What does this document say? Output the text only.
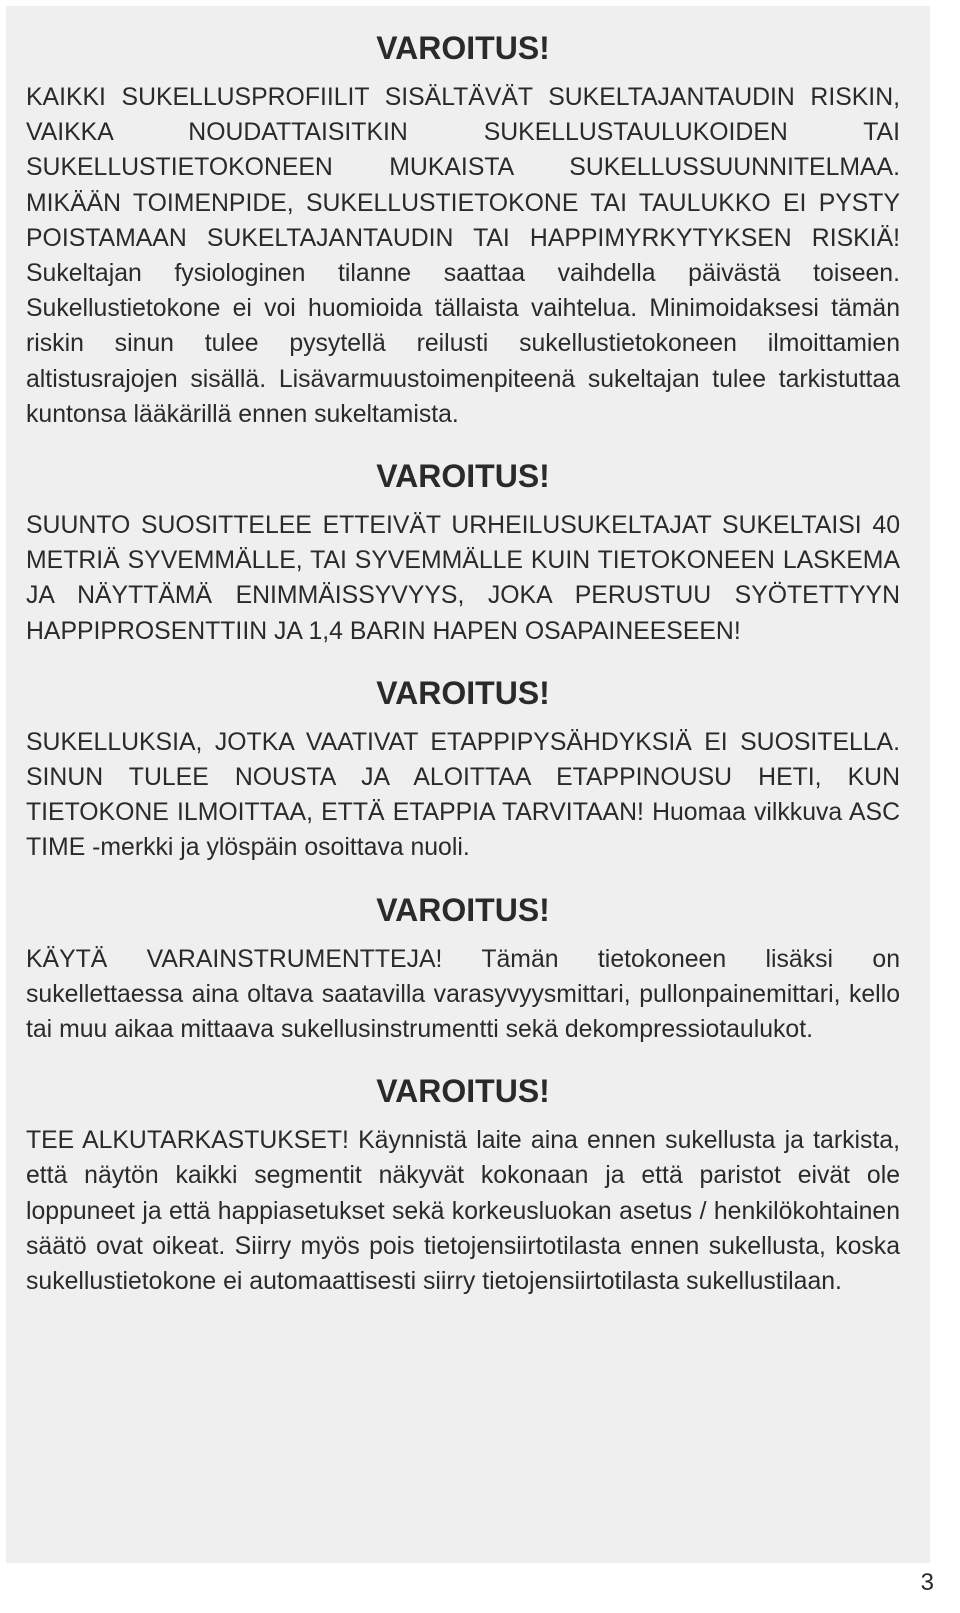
VAROITUS!

KAIKKI SUKELLUSPROFIILIT SISÄLTÄVÄT SUKELTAJANTAUDIN RISKIN, VAIKKA NOUDATTAISITKIN SUKELLUSTAULUKOIDEN TAI SUKELLUSTIETOKONEEN MUKAISTA SUKELLUSSUUNNITELMAA. MIKÄÄN TOIMENPIDE, SUKELLUSTIETOKONE TAI TAULUKKO EI PYSTY POISTAMAAN SUKELTAJANTAUDIN TAI HAPPIMYRKYTYKSEN RISKIÄ! Sukeltajan fysiologinen tilanne saattaa vaihdella päivästä toiseen. Sukellustietokone ei voi huomioida tällaista vaihtelua. Minimoidaksesi tämän riskin sinun tulee pysytellä reilusti sukellustietokoneen ilmoittamien altistusrajojen sisällä. Lisävarmuustoimenpiteenä sukeltajan tulee tarkistuttaa kuntonsa lääkärillä ennen sukeltamista.

VAROITUS!

SUUNTO SUOSITTELEE ETTEIVÄT URHEILUSUKELTAJAT SUKELTAISI 40 METRIÄ SYVEMMÄLLE, TAI SYVEMMÄLLE KUIN TIETOKONEEN LASKEMA JA NÄYTTÄMÄ ENIMMÄISSYVYYS, JOKA PERUSTUU SYÖTETTYYN HAPPIPROSENTTIIN JA 1,4 BARIN HAPEN OSAPAINEESEEN!

VAROITUS!

SUKELLUKSIA, JOTKA VAATIVAT ETAPPIPYSÄHDYKSIÄ EI SUOSITELLA. SINUN TULEE NOUSTA JA ALOITTAA ETAPPINOUSU HETI, KUN TIETOKONE ILMOITTAA, ETTÄ ETAPPIA TARVITAAN! Huomaa vilkkuva ASC TIME -merkki ja ylöspäin osoittava nuoli.

VAROITUS!

KÄYTÄ VARAINSTRUMENTTEJA! Tämän tietokoneen lisäksi on sukellettaessa aina oltava saatavilla varasyvyysmittari, pullonpainemittari, kello tai muu aikaa mittaava sukellusinstrumentti sekä dekompressiotaulukot.

VAROITUS!

TEE ALKUTARKASTUKSET! Käynnistä laite aina ennen sukellusta ja tarkista, että näytön kaikki segmentit näkyvät kokonaan ja että paristot eivät ole loppuneet ja että happiasetukset sekä korkeusluokan asetus / henkilökohtainen säätö ovat oikeat. Siirry myös pois tietojensiirtotilasta ennen sukellusta, koska sukellustietokone ei automaattisesti siirry tietojensiirtotilasta sukellustilaan.

3
